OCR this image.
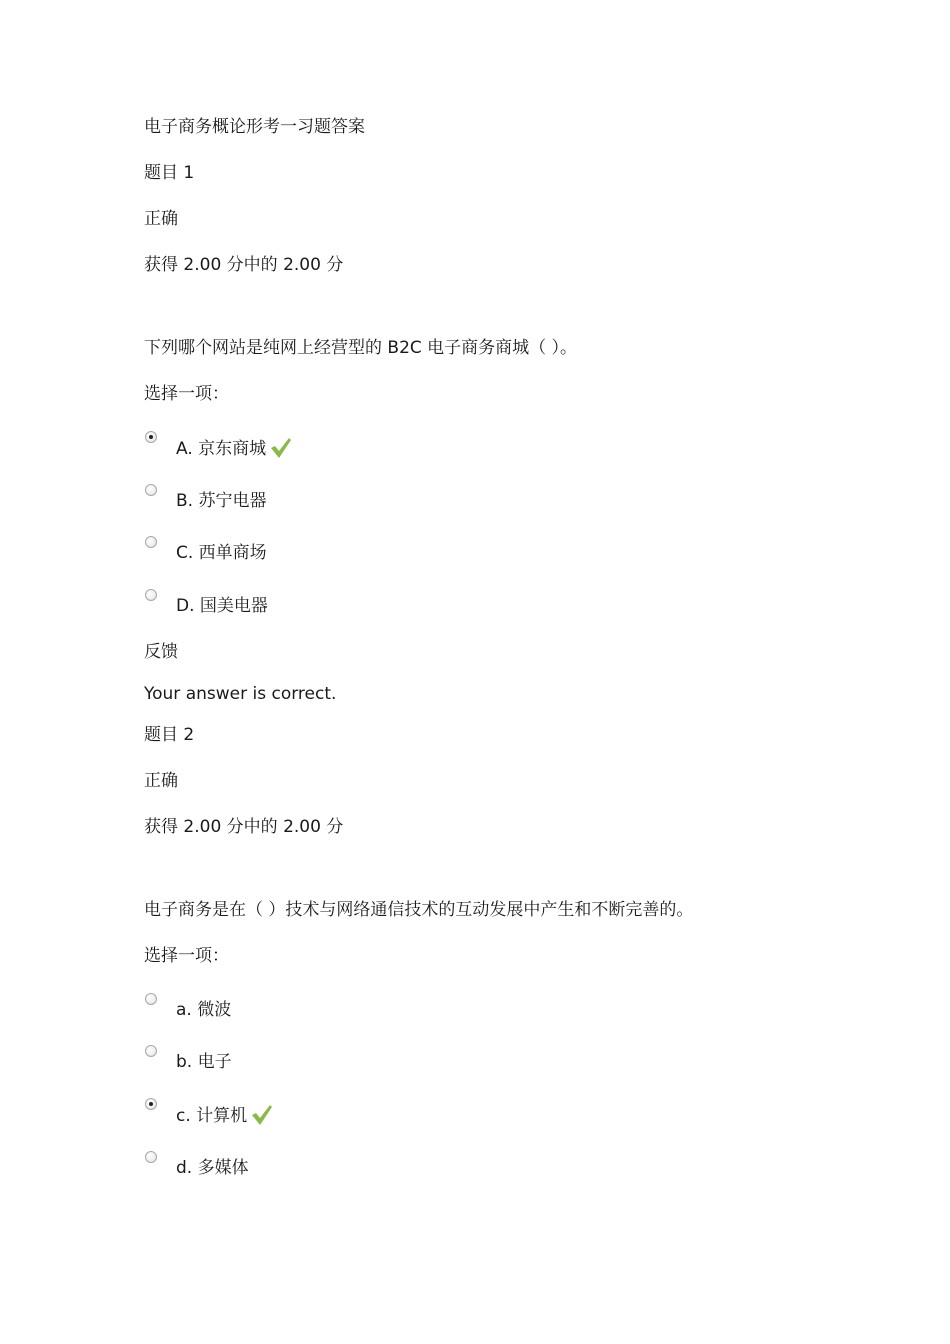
电子商务概论形考一习题答案
题目 1
正确
获得 2.00 分中的 2.00 分
下列哪个网站是纯网上经营型的 B2C 电子商务商城（ ）。
选择一项：
A. 京东商城
B. 苏宁电器
C. 西单商场
D. 国美电器
反馈
Your answer is correct.
题目 2
正确
获得 2.00 分中的 2.00 分
电子商务是在（ ）技术与网络通信技术的互动发展中产生和不断完善的。
选择一项：
a. 微波
b. 电子
c. 计算机
d. 多媒体
